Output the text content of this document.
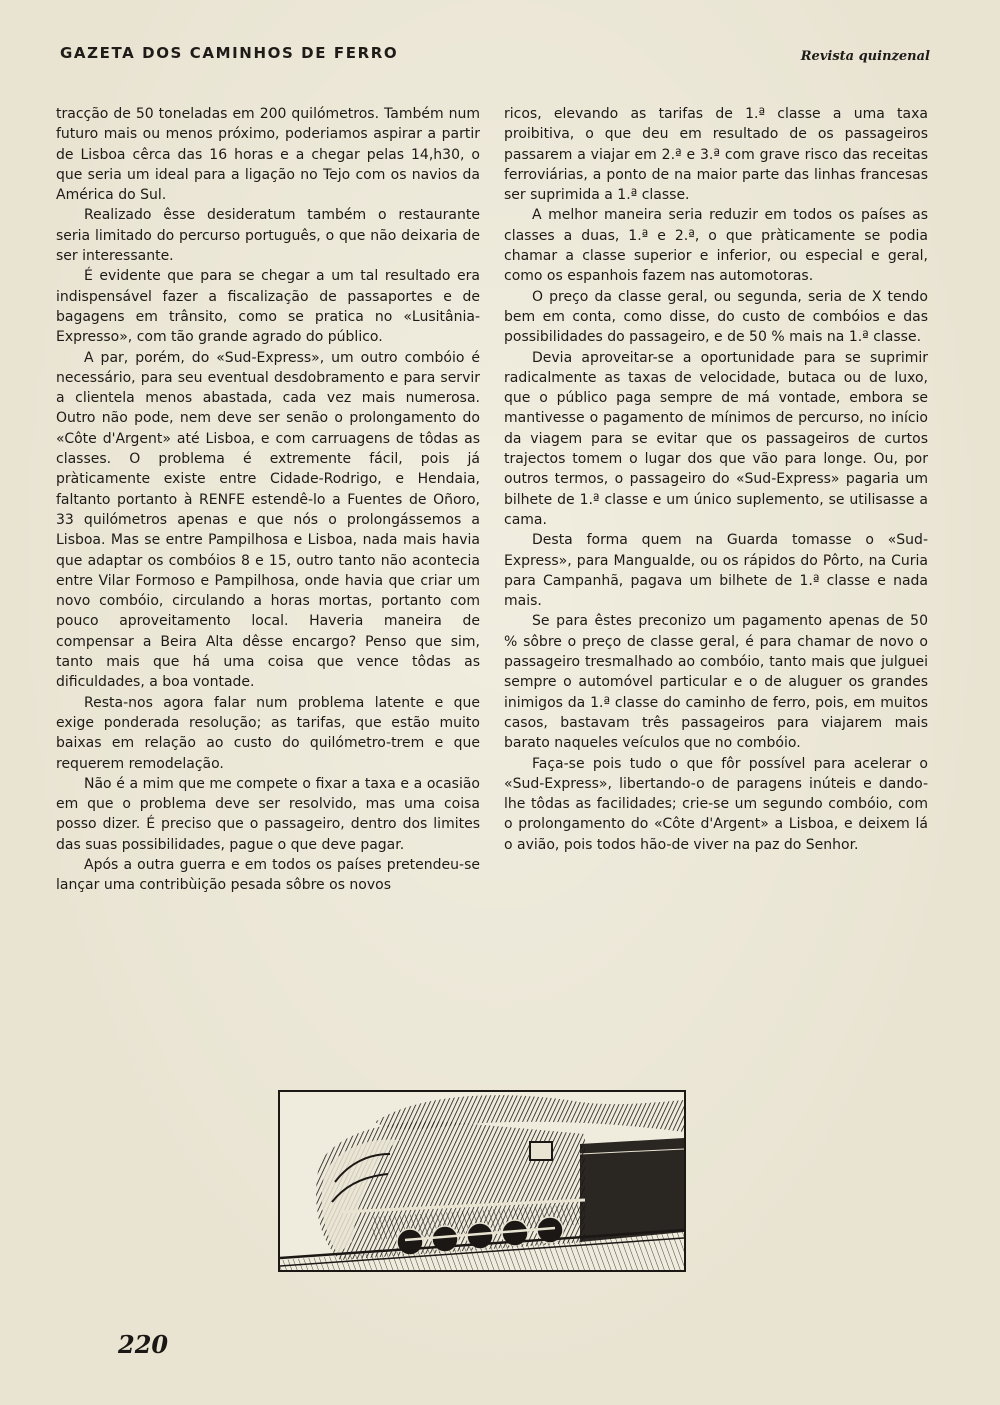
GAZETA DOS CAMINHOS DE FERRO	Revista quinzenal

tracção de 50 toneladas em 200 quilómetros. Também num futuro mais ou menos próximo, poderiamos aspirar a partir de Lisboa cêrca das 16 horas e a chegar pelas 14,h30, o que seria um ideal para a ligação no Tejo com os navios da América do Sul.

Realizado êsse desideratum também o restaurante seria limitado do percurso português, o que não deixaria de ser interessante.

É evidente que para se chegar a um tal resultado era indispensável fazer a fiscalização de passaportes e de bagagens em trânsito, como se pratica no «Lusitânia-Expresso», com tão grande agrado do público.

A par, porém, do «Sud-Express», um outro combóio é necessário, para seu eventual desdobramento e para servir a clientela menos abastada, cada vez mais numerosa. Outro não pode, nem deve ser senão o prolongamento do «Côte d'Argent» até Lisboa, e com carruagens de tôdas as classes. O problema é extremente fácil, pois já pràticamente existe entre Cidade-Rodrigo, e Hendaia, faltanto portanto à RENFE estendê-lo a Fuentes de Oñoro, 33 quilómetros apenas e que nós o prolongássemos a Lisboa. Mas se entre Pampilhosa e Lisboa, nada mais havia que adaptar os combóios 8 e 15, outro tanto não acontecia entre Vilar Formoso e Pampilhosa, onde havia que criar um novo combóio, circulando a horas mortas, portanto com pouco aproveitamento local. Haveria maneira de compensar a Beira Alta dêsse encargo? Penso que sim, tanto mais que há uma coisa que vence tôdas as dificuldades, a boa vontade.

Resta-nos agora falar num problema latente e que exige ponderada resolução; as tarifas, que estão muito baixas em relação ao custo do quilómetro-trem e que requerem remodelação.

Não é a mim que me compete o fixar a taxa e a ocasião em que o problema deve ser resolvido, mas uma coisa posso dizer. É preciso que o passageiro, dentro dos limites das suas possibilidades, pague o que deve pagar.

Após a outra guerra e em todos os países pretendeu-se lançar uma contribùição pesada sôbre os novos

ricos, elevando as tarifas de 1.ª classe a uma taxa proibitiva, o que deu em resultado de os passageiros passarem a viajar em 2.ª e 3.ª com grave risco das receitas ferroviárias, a ponto de na maior parte das linhas francesas ser suprimida a 1.ª classe.

A melhor maneira seria reduzir em todos os países as classes a duas, 1.ª e 2.ª, o que pràticamente se podia chamar a classe superior e inferior, ou especial e geral, como os espanhois fazem nas automotoras.

O preço da classe geral, ou segunda, seria de X tendo bem em conta, como disse, do custo de combóios e das possibilidades do passageiro, e de 50 % mais na 1.ª classe.

Devia aproveitar-se a oportunidade para se suprimir radicalmente as taxas de velocidade, butaca ou de luxo, que o público paga sempre de má vontade, embora se mantivesse o pagamento de mínimos de percurso, no início da viagem para se evitar que os passageiros de curtos trajectos tomem o lugar dos que vão para longe. Ou, por outros termos, o passageiro do «Sud-Express» pagaria um bilhete de 1.ª classe e um único suplemento, se utilisasse a cama.

Desta forma quem na Guarda tomasse o «Sud-Express», para Mangualde, ou os rápidos do Pôrto, na Curia para Campanhã, pagava um bilhete de 1.ª classe e nada mais.

Se para êstes preconizo um pagamento apenas de 50 % sôbre o preço de classe geral, é para chamar de novo o passageiro tresmalhado ao combóio, tanto mais que julguei sempre o automóvel particular e o de aluguer os grandes inimigos da 1.ª classe do caminho de ferro, pois, em muitos casos, bastavam três passageiros para viajarem mais barato naqueles veículos que no combóio.

Faça-se pois tudo o que fôr possível para acelerar o «Sud-Express», libertando-o de paragens inúteis e dando-lhe tôdas as facilidades; crie-se um segundo combóio, com o prolongamento do «Côte d'Argent» a Lisboa, e deixem lá o avião, pois todos hão-de viver na paz do Senhor.

220
